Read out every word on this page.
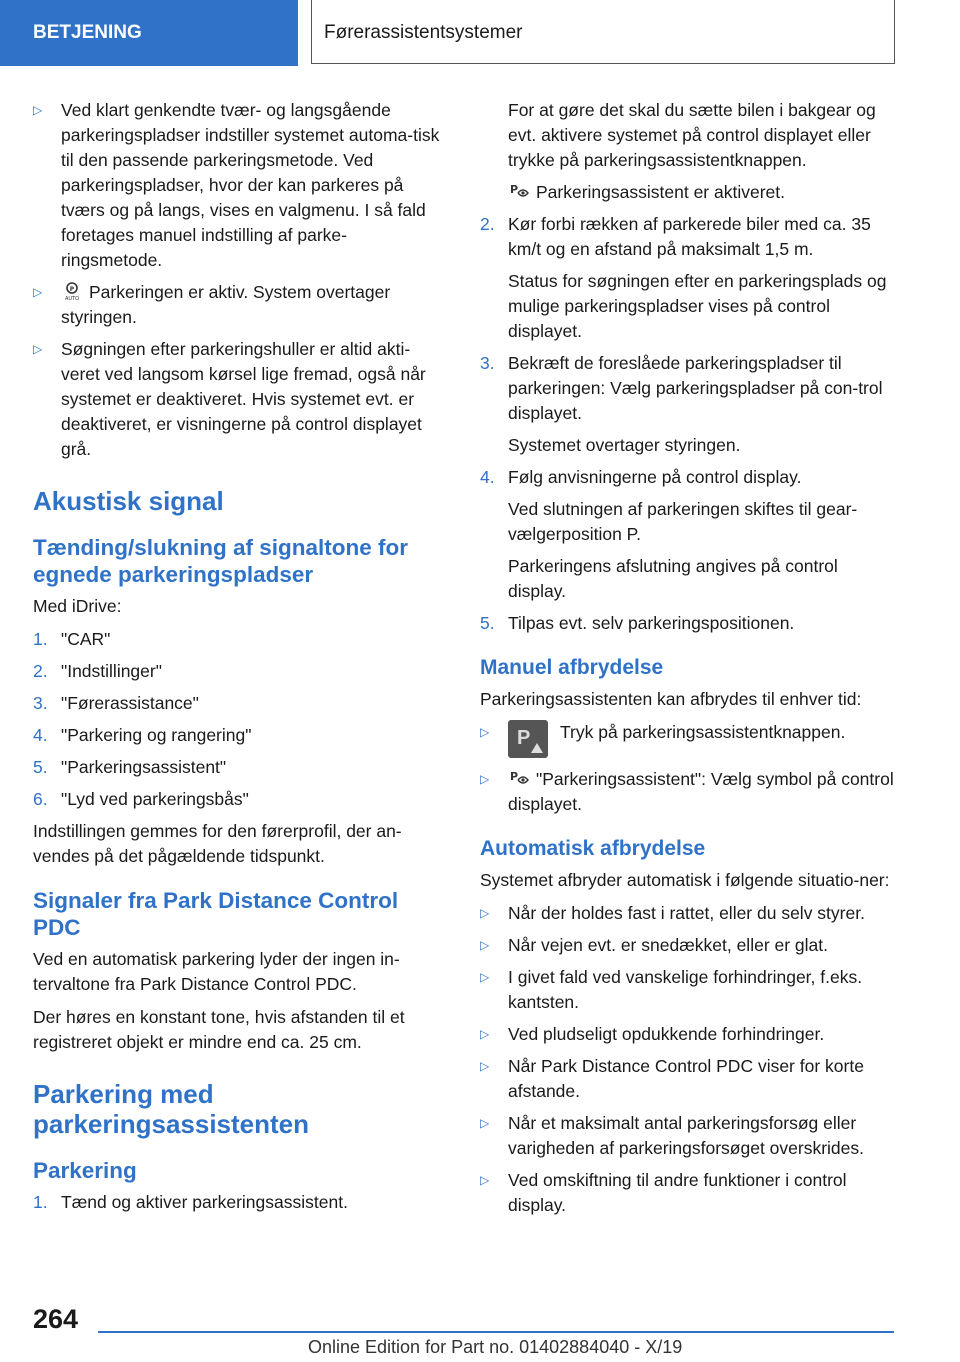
BETJENING	Førerassistentsystemer
▷ Ved klart genkendte tvær- og langsgående parkeringspladser indstiller systemet automa-tisk til den passende parkeringsmetode. Ved parkeringspladser, hvor der kan parkeres på tværs og på langs, vises en valgmenu. I så fald foretages manuel indstilling af parke-ringsmetode.
▷	P
AUTO Parkeringen er aktiv. System overtager styringen.
▷ Søgningen efter parkeringshuller er altid akti-veret ved langsom kørsel lige fremad, også når systemet er deaktiveret. Hvis systemet evt. er deaktiveret, er visningerne på control displayet grå.
Akustisk signal
Tænding/slukning af signaltone for egnede parkeringspladser

Med iDrive:

1. "CAR"
2. "Indstillinger"
3. "Førerassistance"
4. "Parkering og rangering"
5. "Parkeringsassistent"
6. "Lyd ved parkeringsbås"

Indstillingen gemmes for den førerprofil, der an-vendes på det pågældende tidspunkt.

Signaler fra Park Distance Control PDC

Ved en automatisk parkering lyder der ingen in-tervaltone fra Park Distance Control PDC.

Der høres en konstant tone, hvis afstanden til et registreret objekt er mindre end ca. 25 cm.

Parkering med parkeringsassistenten
Parkering
1. Tænd og aktiver parkeringsassistent.

For at gøre det skal du sætte bilen i bakgear og evt. aktivere systemet på control displayet eller trykke på parkeringsassistentknappen.

P Parkeringsassistent er aktiveret.

2. Kør forbi rækken af parkerede biler med ca. 35 km/t og en afstand på maksimalt 1,5 m.

Status for søgningen efter en parkeringsplads og mulige parkeringspladser vises på control displayet.

3. Bekræft de foreslåede parkeringspladser til parkeringen: Vælg parkeringspladser på con-trol displayet.

Systemet overtager styringen.

4. Følg anvisningerne på control display.

Ved slutningen af parkeringen skiftes til gear-vælgerposition P.

Parkeringens afslutning angives på control display.

5. Tilpas evt. selv parkeringspositionen.
Manuel afbrydelse

Parkeringsassistenten kan afbrydes til enhver tid:

▷ P Tryk på parkeringsassistentknappen.
▷ P "Parkeringsassistent": Vælg symbol på control displayet.
Automatisk afbrydelse

Systemet afbryder automatisk i følgende situatio-ner:

▷ Når der holdes fast i rattet, eller du selv styrer.
▷ Når vejen evt. er snedækket, eller er glat.
▷ I givet fald ved vanskelige forhindringer, f.eks. kantsten.
▷ Ved pludseligt opdukkende forhindringer.
▷ Når Park Distance Control PDC viser for korte afstande.
▷ Når et maksimalt antal parkeringsforsøg eller varigheden af parkeringsforsøget overskrides.
▷ Ved omskiftning til andre funktioner i control display.
264
Online Edition for Part no. 01402884040 - X/19
